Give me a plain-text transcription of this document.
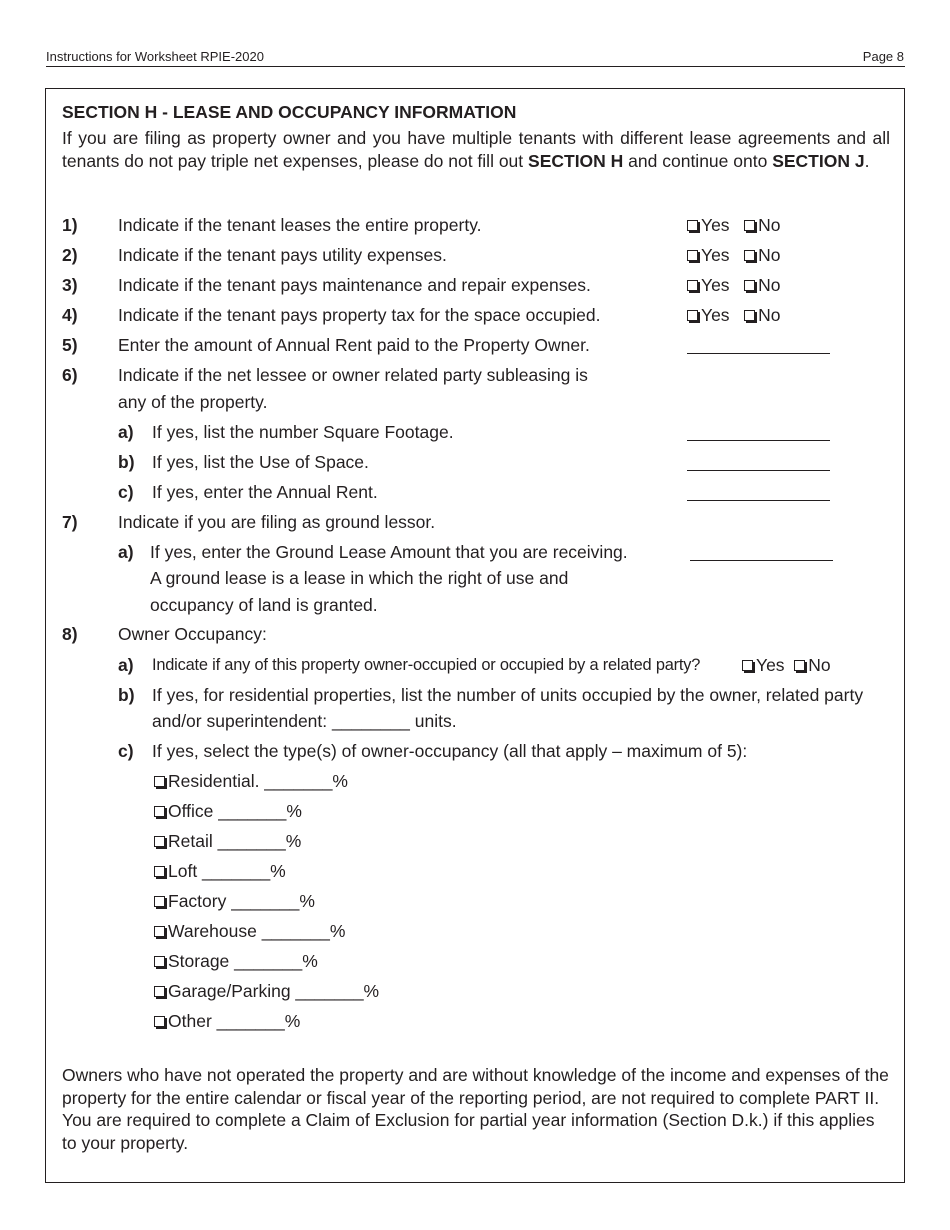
Instructions for Worksheet RPIE-2020	Page 8
SECTION H - LEASE AND OCCUPANCY INFORMATION
If you are filing as property owner and you have multiple tenants with different lease agreements and all tenants do not pay triple net expenses, please do not fill out SECTION H and continue onto SECTION J.
1) Indicate if the tenant leases the entire property.	Yes No
2) Indicate if the tenant pays utility expenses.	Yes No
3) Indicate if the tenant pays maintenance and repair expenses.	Yes No
4) Indicate if the tenant pays property tax for the space occupied.	Yes No
5) Enter the amount of Annual Rent paid to the Property Owner.
6) Indicate if the net lessee or owner related party subleasing is
any of the property.
a) If yes, list the number Square Footage.
b) If yes, list the Use of Space.
c) If yes, enter the Annual Rent.
7) Indicate if you are filing as ground lessor.
a) If yes, enter the Ground Lease Amount that you are receiving.
A ground lease is a lease in which the right of use and
occupancy of land is granted.
8) Owner Occupancy:
a) Indicate if any of this property owner-occupied or occupied by a related party?	Yes No
b) If yes, for residential properties, list the number of units occupied by the owner, related party
and/or superintendent: ________ units.
c) If yes, select the type(s) of owner-occupancy (all that apply – maximum of 5):
Residential. _______%
Office _______%
Retail _______%
Loft _______%
Factory _______%
Warehouse _______%
Storage _______%
Garage/Parking _______%
Other _______%
Owners who have not operated the property and are without knowledge of the income and expenses of the property for the entire calendar or fiscal year of the reporting period, are not required to complete PART II. You are required to complete a Claim of Exclusion for partial year information (Section D.k.) if this applies to your property.
